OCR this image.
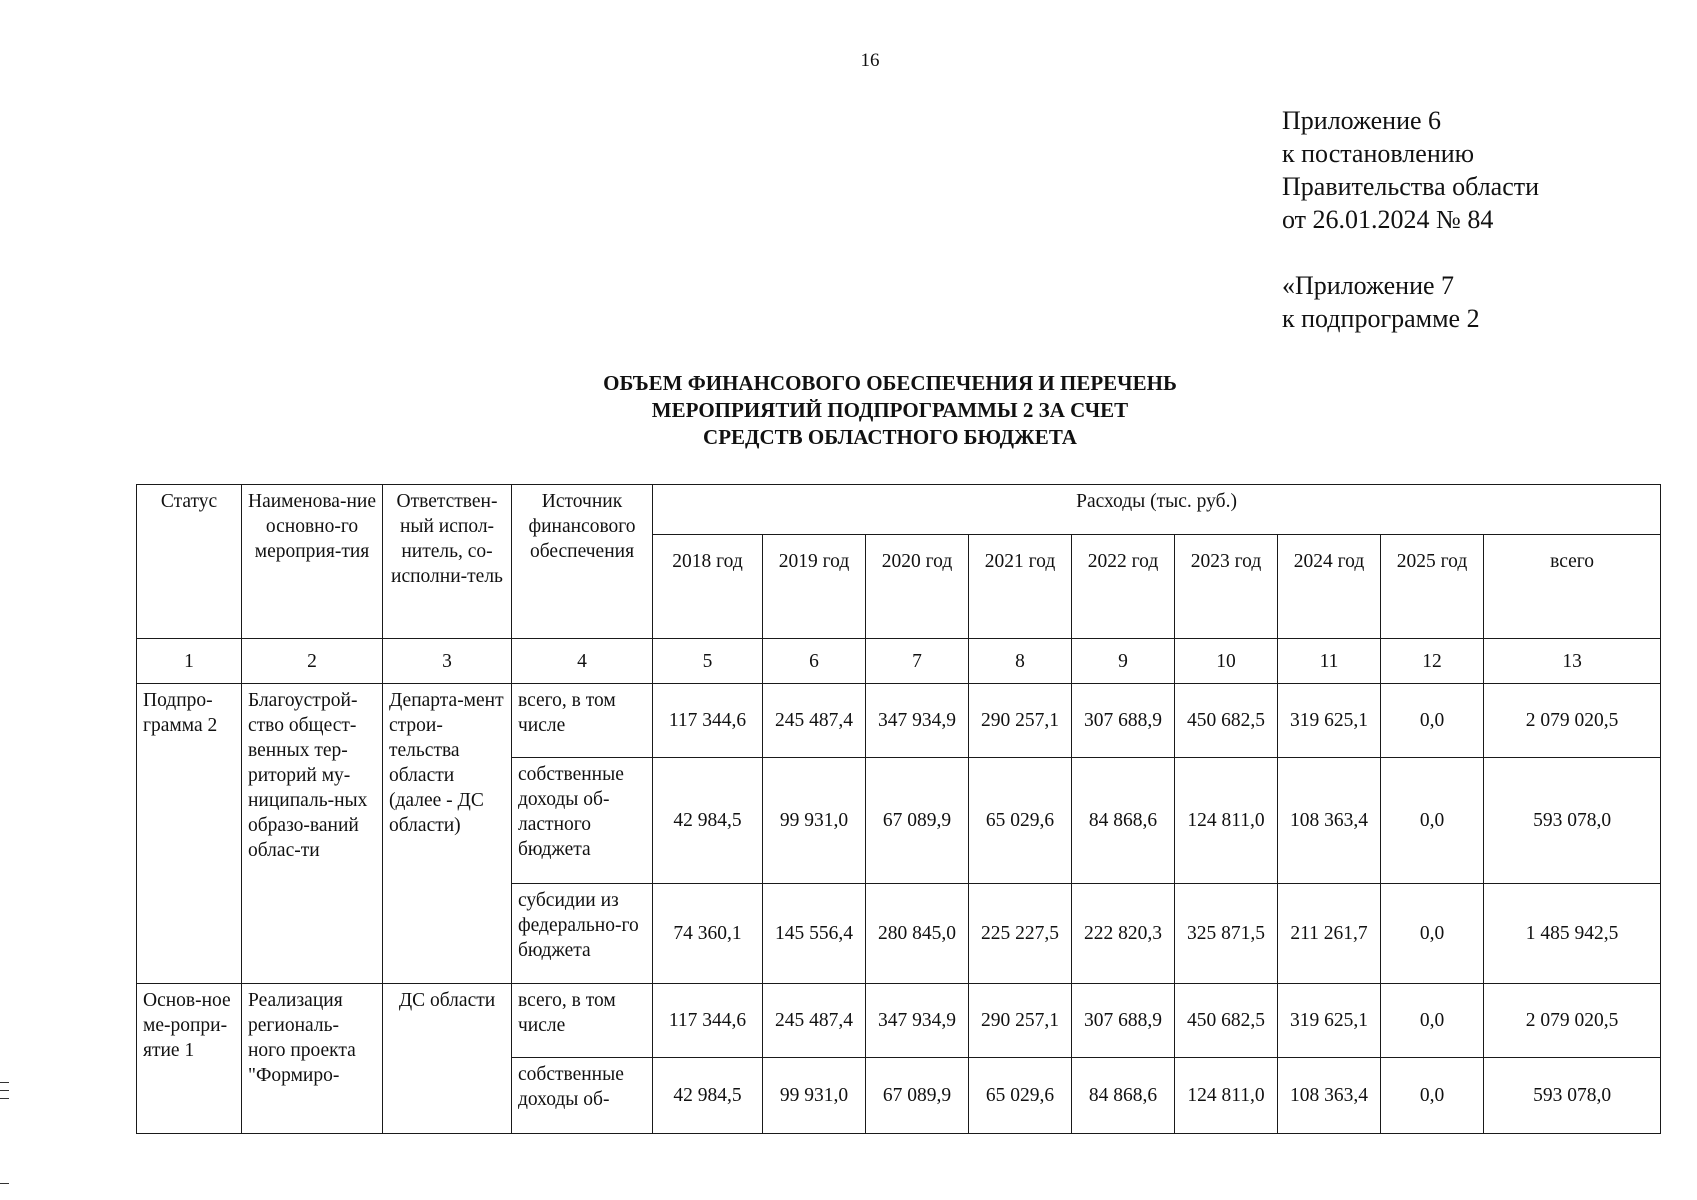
16
Приложение 6
к постановлению
Правительства области
от 26.01.2024 № 84
«Приложение 7
к подпрограмме 2
ОБЪЕМ ФИНАНСОВОГО ОБЕСПЕЧЕНИЯ И ПЕРЕЧЕНЬ
МЕРОПРИЯТИЙ ПОДПРОГРАММЫ 2 ЗА СЧЕТ
СРЕДСТВ ОБЛАСТНОГО БЮДЖЕТА
Статус	Наименова-ние основно-го мероприя-тия	Ответствен-ный испол-нитель, со-исполни-тель	Источник финансового обеспечения	Расходы (тыс. руб.)								
				2018 год	2019 год	2020 год	2021 год	2022 год	2023 год	2024 год	2025 год	всего
1	2	3	4	5	6	7	8	9	10	11	12	13
Подпро-грамма 2	Благоустрой-ство общест-венных тер-риторий му-ниципаль-ных образо-ваний облас-ти	Департа-мент строи-тельства области (далее - ДС области)	всего, в том числе	117 344,6	245 487,4	347 934,9	290 257,1	307 688,9	450 682,5	319 625,1	0,0	2 079 020,5
			собственные доходы об-ластного бюджета	42 984,5	99 931,0	67 089,9	65 029,6	84 868,6	124 811,0	108 363,4	0,0	593 078,0
			субсидии из федерально-го бюджета	74 360,1	145 556,4	280 845,0	225 227,5	222 820,3	325 871,5	211 261,7	0,0	1 485 942,5
Основ-ное ме-ропри-ятие 1	Реализация региональ-ного проекта "Формиро-	ДС области	всего, в том числе	117 344,6	245 487,4	347 934,9	290 257,1	307 688,9	450 682,5	319 625,1	0,0	2 079 020,5
			собственные доходы об-	42 984,5	99 931,0	67 089,9	65 029,6	84 868,6	124 811,0	108 363,4	0,0	593 078,0
